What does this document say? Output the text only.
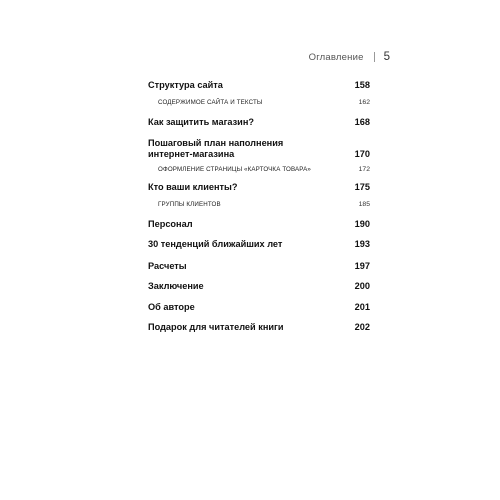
Оглавление 5
Структура сайта	158
СОДЕРЖИМОЕ САЙТА И ТЕКСТЫ	162
Как защитить магазин?	168
Пошаговый план наполнения
интернет-магазина	170
ОФОРМЛЕНИЕ СТРАНИЦЫ «КАРТОЧКА ТОВАРА»	172
Кто ваши клиенты?	175
ГРУППЫ КЛИЕНТОВ	185
Персонал	190
30 тенденций ближайших лет	193
Расчеты	197
Заключение	200
Об авторе	201
Подарок для читателей книги	202
